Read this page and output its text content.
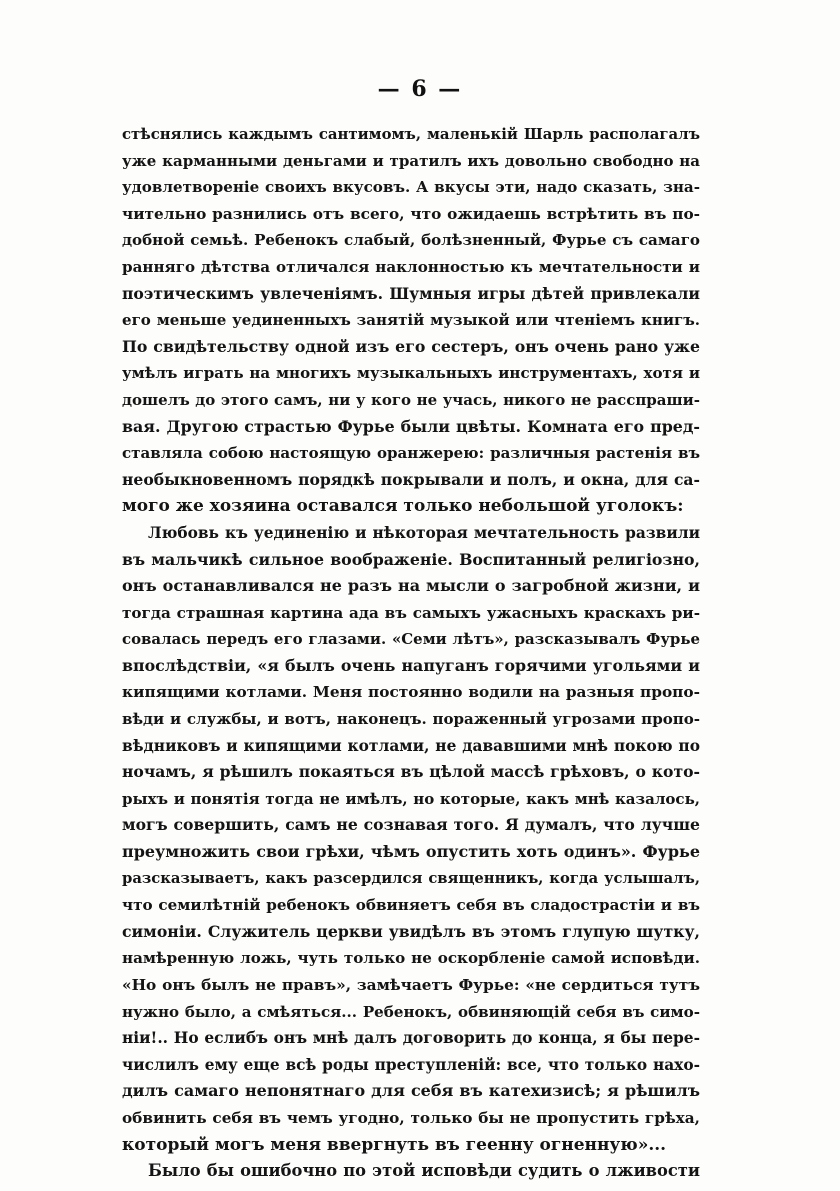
— 6 —
стѣснялись каждымъ сантимомъ, маленькій Шарль располагалъ
уже карманными деньгами и тратилъ ихъ довольно свободно на
удовлетвореніе своихъ вкусовъ. А вкусы эти, надо сказать, зна-
чительно разнились отъ всего, что ожидаешь встрѣтить въ по-
добной семьѣ. Ребенокъ слабый, болѣзненный, Фурье съ самаго
ранняго дѣтства отличался наклонностью къ мечтательности и
поэтическимъ увлеченіямъ. Шумныя игры дѣтей привлекали
его меньше уединенныхъ занятій музыкой или чтеніемъ книгъ.
По свидѣтельству одной изъ его сестеръ, онъ очень рано уже
умѣлъ играть на многихъ музыкальныхъ инструментахъ, хотя и
дошелъ до этого самъ, ни у кого не учась, никого не расспраши-
вая. Другою страстью Фурье были цвѣты. Комната его пред-
ставляла собою настоящую оранжерею: различныя растенія въ
необыкновенномъ порядкѣ покрывали и полъ, и окна, для са-
мого же хозяина оставался только небольшой уголокъ:
Любовь къ уединенію и нѣкоторая мечтательность развили
въ мальчикѣ сильное воображеніе. Воспитанный религіозно,
онъ останавливался не разъ на мысли о загробной жизни, и
тогда страшная картина ада въ самыхъ ужасныхъ краскахъ ри-
совалась передъ его глазами. «Семи лѣтъ», разсказывалъ Фурье
впослѣдствіи, «я былъ очень напуганъ горячими угольями и
кипящими котлами. Меня постоянно водили на разныя пропо-
вѣди и службы, и вотъ, наконецъ. пораженный угрозами пропо-
вѣдниковъ и кипящими котлами, не дававшими мнѣ покою по
ночамъ, я рѣшилъ покаяться въ цѣлой массѣ грѣховъ, о кото-
рыхъ и понятія тогда не имѣлъ, но которые, какъ мнѣ казалось,
могъ совершить, самъ не сознавая того. Я думалъ, что лучше
преумножить свои грѣхи, чѣмъ опустить хоть одинъ». Фурье
разсказываетъ, какъ разсердился священникъ, когда услышалъ,
что семилѣтній ребенокъ обвиняетъ себя въ сладострастіи и въ
симоніи. Служитель церкви увидѣлъ въ этомъ глупую шутку,
намѣренную ложь, чуть только не оскорбленіе самой исповѣди.
«Но онъ былъ не правъ», замѣчаетъ Фурье: «не сердиться тутъ
нужно было, а смѣяться... Ребенокъ, обвиняющій себя въ симо-
ніи!.. Но еслибъ онъ мнѣ далъ договорить до конца, я бы пере-
числилъ ему еще всѣ роды преступленій: все, что только нахо-
дилъ самаго непонятнаго для себя въ катехизисѣ; я рѣшилъ
обвинить себя въ чемъ угодно, только бы не пропустить грѣха,
который могъ меня ввергнуть въ геенну огненную»...
Было бы ошибочно по этой исповѣди судить о лживости
